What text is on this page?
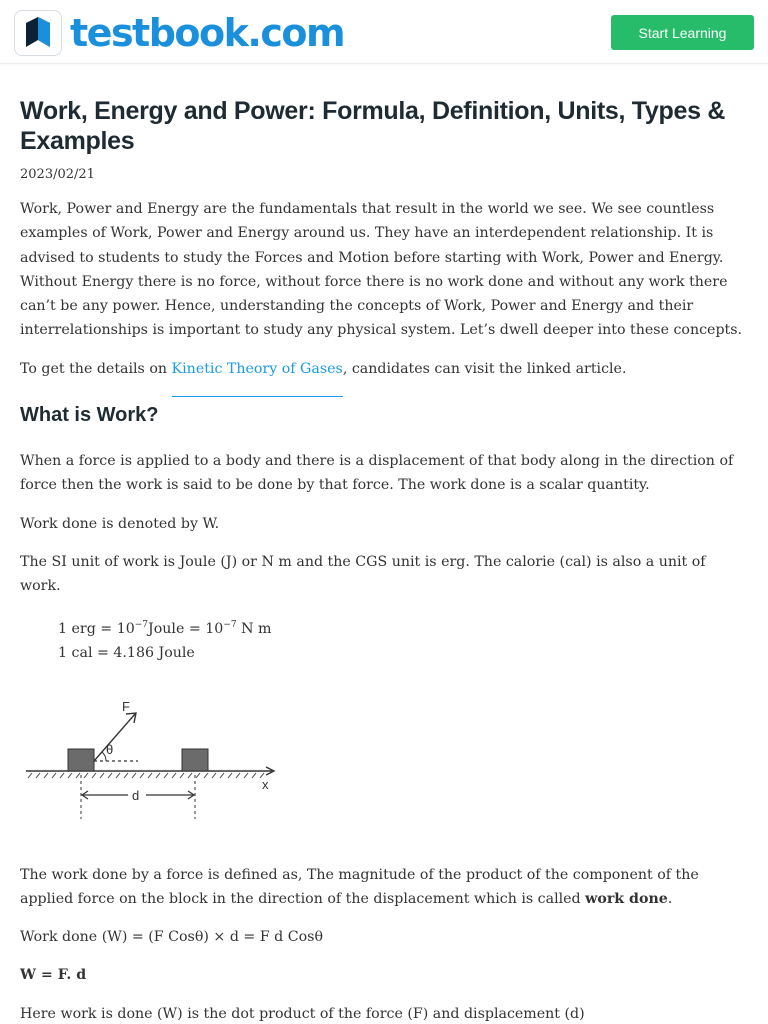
testbook.com	Start Learning
Work, Energy and Power: Formula, Definition, Units, Types & Examples
2023/02/21

Work, Power and Energy are the fundamentals that result in the world we see. We see countless examples of Work, Power and Energy around us. They have an interdependent relationship. It is advised to students to study the Forces and Motion before starting with Work, Power and Energy. Without Energy there is no force, without force there is no work done and without any work there can’t be any power. Hence, understanding the concepts of Work, Power and Energy and their interrelationships is important to study any physical system. Let’s dwell deeper into these concepts.

To get the details on Kinetic Theory of Gases, candidates can visit the linked article.

What is Work?

When a force is applied to a body and there is a displacement of that body along in the direction of force then the work is said to be done by that force. The work done is a scalar quantity.

Work done is denoted by W.

The SI unit of work is Joule (J) or N m and the CGS unit is erg. The calorie (cal) is also a unit of work.

1 erg = $10^{-7}Joule = 10^{-7}$ N m

1 cal = 4.186 Joule

x
F
θ
d

The work done by a force is defined as, The magnitude of the product of the component of the applied force on the block in the direction of the displacement which is called work done.

Work done (W) = (F Cosθ) × d = F d Cosθ

W = F. d

Here work is done (W) is the dot product of the force (F) and displacement (d)
